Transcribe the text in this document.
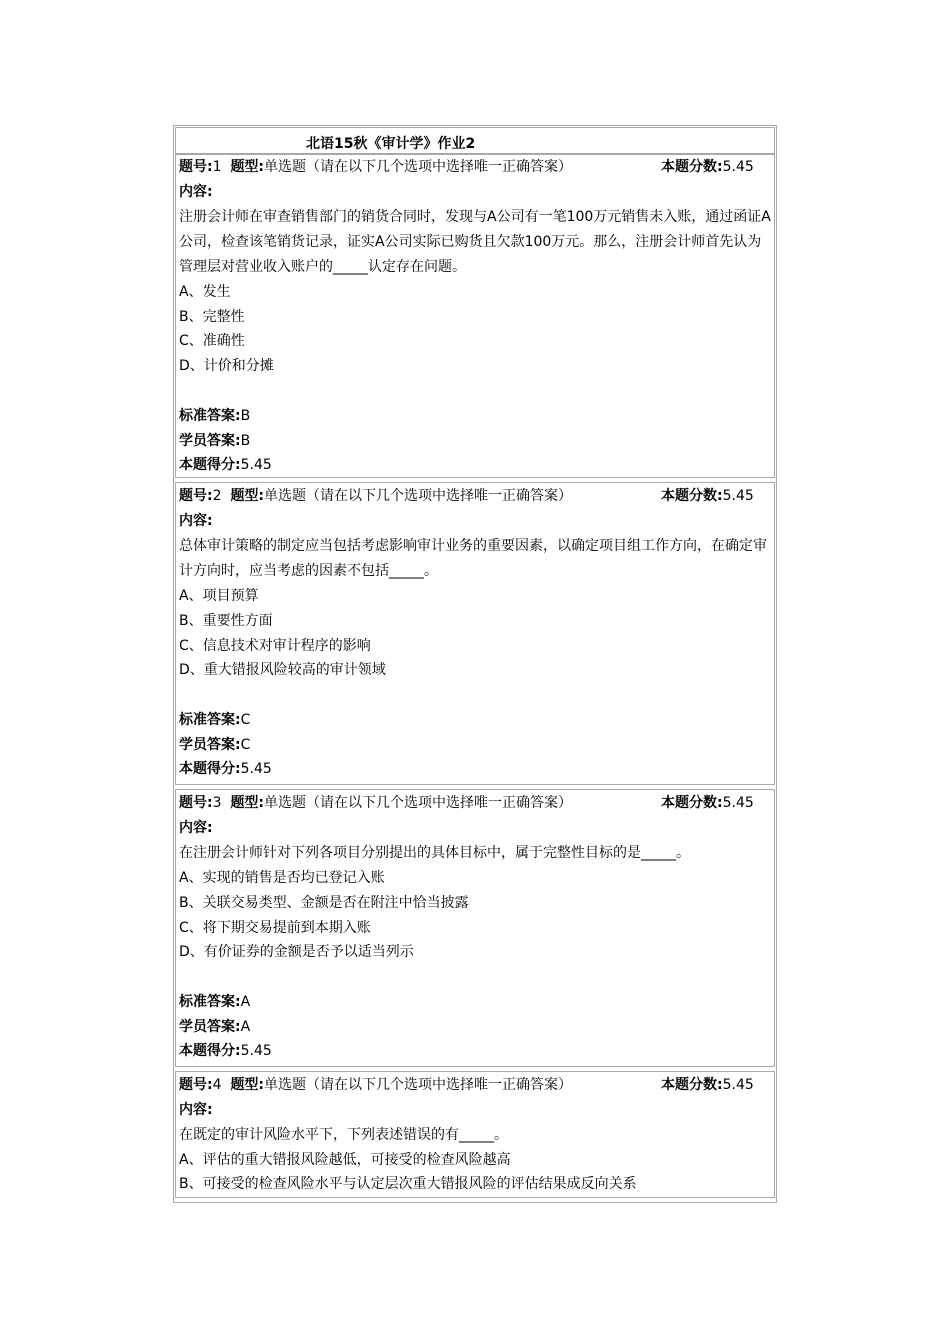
北语15秋《审计学》作业2
题号:1 题型:单选题（请在以下几个选项中选择唯一正确答案）	本题分数:5.45
内容:
注册会计师在审查销售部门的销货合同时，发现与A公司有一笔100万元销售未入账，通过函证A公司，检查该笔销货记录，证实A公司实际已购货且欠款100万元。那么，注册会计师首先认为管理层对营业收入账户的_____认定存在问题。
A、发生
B、完整性
C、准确性
D、计价和分摊
标准答案:B
学员答案:B
本题得分:5.45
题号:2 题型:单选题（请在以下几个选项中选择唯一正确答案）	本题分数:5.45
内容:
总体审计策略的制定应当包括考虑影响审计业务的重要因素，以确定项目组工作方向，在确定审计方向时，应当考虑的因素不包括_____。
A、项目预算
B、重要性方面
C、信息技术对审计程序的影响
D、重大错报风险较高的审计领域
标准答案:C
学员答案:C
本题得分:5.45
题号:3 题型:单选题（请在以下几个选项中选择唯一正确答案）	本题分数:5.45
内容:
在注册会计师针对下列各项目分别提出的具体目标中，属于完整性目标的是_____。
A、实现的销售是否均已登记入账
B、关联交易类型、金额是否在附注中恰当披露
C、将下期交易提前到本期入账
D、有价证券的金额是否予以适当列示
标准答案:A
学员答案:A
本题得分:5.45
题号:4 题型:单选题（请在以下几个选项中选择唯一正确答案）	本题分数:5.45
内容:
在既定的审计风险水平下，下列表述错误的有_____。
A、评估的重大错报风险越低，可接受的检查风险越高
B、可接受的检查风险水平与认定层次重大错报风险的评估结果成反向关系
